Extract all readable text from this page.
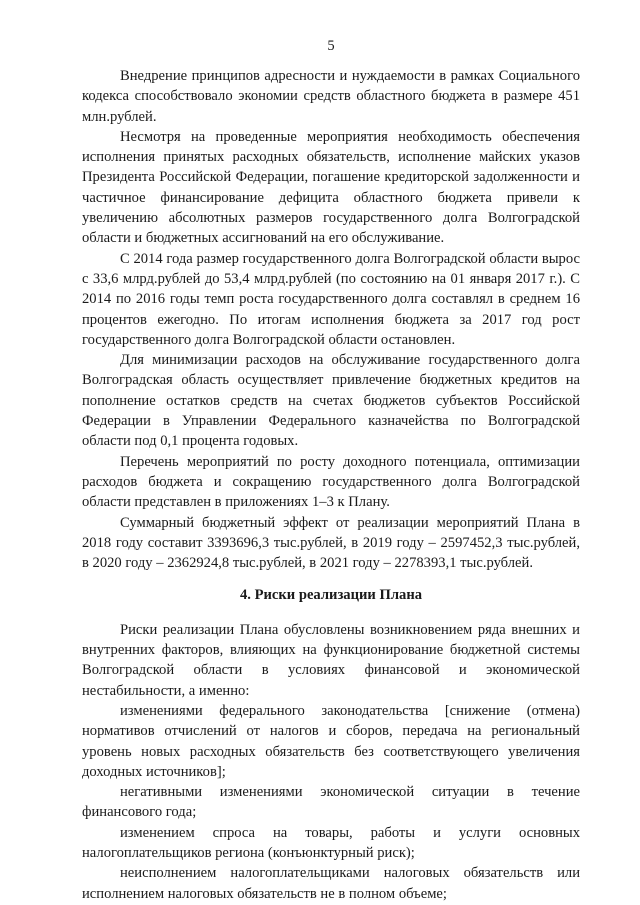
5

Внедрение принципов адресности и нуждаемости в рамках Социального кодекса способствовало экономии средств областного бюджета в размере 451 млн.рублей.

Несмотря на проведенные мероприятия необходимость обеспечения исполнения принятых расходных обязательств, исполнение майских указов Президента Российской Федерации, погашение кредиторской задолженности и частичное финансирование дефицита областного бюджета привели к увеличению абсолютных размеров государственного долга Волгоградской области и бюджетных ассигнований на его обслуживание.

С 2014 года размер государственного долга Волгоградской области вырос с 33,6 млрд.рублей до 53,4 млрд.рублей (по состоянию на 01 января 2017 г.). С 2014 по 2016 годы темп роста государственного долга составлял в среднем 16 процентов ежегодно. По итогам исполнения бюджета за 2017 год рост государственного долга Волгоградской области остановлен.

Для минимизации расходов на обслуживание государственного долга Волгоградская область осуществляет привлечение бюджетных кредитов на пополнение остатков средств на счетах бюджетов субъектов Российской Федерации в Управлении Федерального казначейства по Волгоградской области под 0,1 процента годовых.

Перечень мероприятий по росту доходного потенциала, оптимизации расходов бюджета и сокращению государственного долга Волгоградской области представлен в приложениях 1–3 к Плану.

Суммарный бюджетный эффект от реализации мероприятий Плана в 2018 году составит 3393696,3 тыс.рублей, в 2019 году – 2597452,3 тыс.рублей, в 2020 году – 2362924,8 тыс.рублей, в 2021 году – 2278393,1 тыс.рублей.

4. Риски реализации Плана

Риски реализации Плана обусловлены возникновением ряда внешних и внутренних факторов, влияющих на функционирование бюджетной системы Волгоградской области в условиях финансовой и экономической нестабильности, а именно:

изменениями федерального законодательства [снижение (отмена) нормативов отчислений от налогов и сборов, передача на региональный уровень новых расходных обязательств без соответствующего увеличения доходных источников];

негативными изменениями экономической ситуации в течение финансового года;

изменением спроса на товары, работы и услуги основных налогоплательщиков региона (конъюнктурный риск);

неисполнением налогоплательщиками налоговых обязательств или исполнением налоговых обязательств не в полном объеме;
